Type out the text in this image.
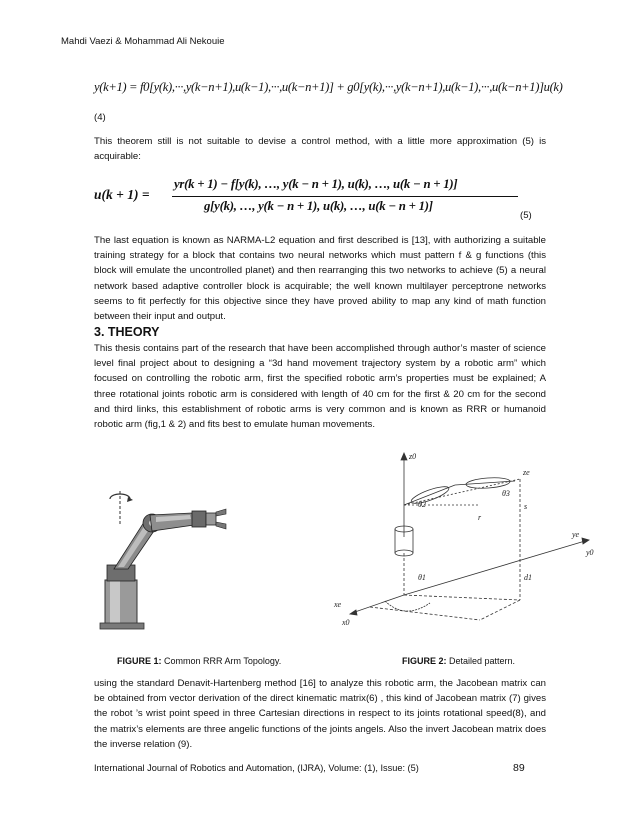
Mahdi Vaezi & Mohammad Ali Nekouie
y(k+1) = f0[y(k),···,y(k−n+1),u(k−1),···,u(k−n+1)] + g0[y(k),···,y(k−n+1),u(k−1),···,u(k−n+1)]u(k)
(4)
This theorem still is not suitable to devise a control method, with a little more approximation (5) is acquirable:
u(k + 1) =
yr(k + 1) − f[y(k), …, y(k − n + 1), u(k), …, u(k − n + 1)]
g[y(k), …, y(k − n + 1), u(k), …, u(k − n + 1)]
(5)
The last equation is known as NARMA-L2 equation and first described is [13], with authorizing a suitable training strategy for a block that contains two neural networks which must pattern f & g functions (this block will emulate the uncontrolled planet) and then rearranging this two networks to achieve (5) a neural network based adaptive controller block is acquirable; the well known multilayer perceptrone networks seems to fit perfectly for this objective since they have proved ability to map any kind of math function between their input and output.
3. THEORY
This thesis contains part of the research that have been accomplished through author’s master of science level final project about to designing a “3d hand movement trajectory system by a robotic arm” which focused on controlling the robotic arm, first the specified robotic arm’s properties must be explained; A three rotational joints robotic arm is considered with length of 40 cm for the first & 20 cm for the second and third links, this establishment of robotic arms is very common and is known as RRR or humanoid robotic arm (fig,1 & 2) and fits best to emulate human movements.
z0
ze
θ2
θ3
s
r
ye
y0
θ1	d1
xe
x0
FIGURE 1: Common RRR Arm Topology.	FIGURE 2: Detailed pattern.
using the standard Denavit-Hartenberg method [16] to analyze this robotic arm, the Jacobean matrix can be obtained from vector derivation of the direct kinematic matrix(6) , this kind of Jacobean matrix (7) gives the robot ’s wrist point speed in three Cartesian directions in respect to its joints rotational speed(8), and the matrix’s elements are three angelic functions of the joints angels. Also the invert Jacobean matrix does the inverse relation (9).
International Journal of Robotics and Automation, (IJRA), Volume: (1), Issue: (5)	89
